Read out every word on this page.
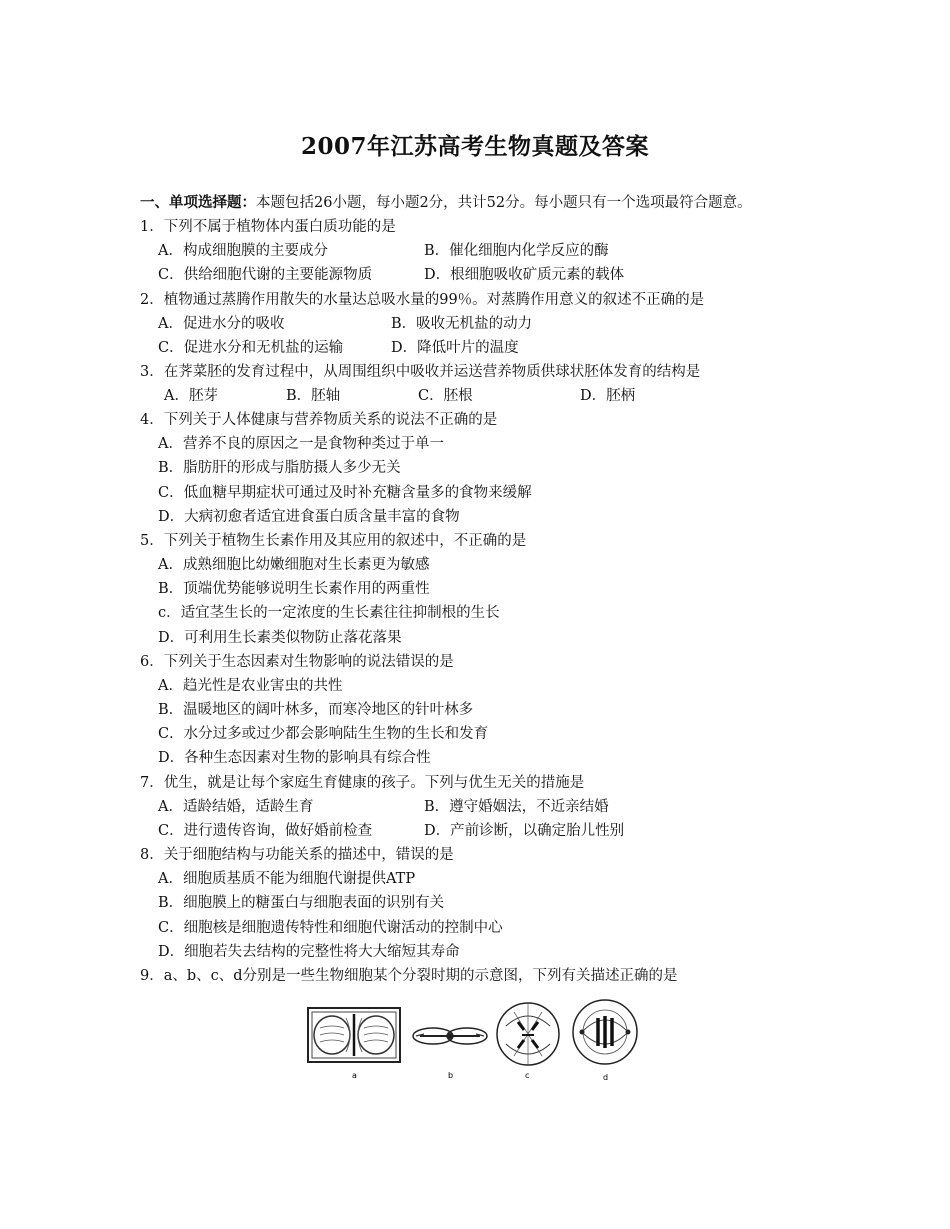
2007年江苏高考生物真题及答案
一、单项选择题：本题包括26小题，每小题2分，共计52分。每小题只有一个选项最符合题意。
1．下列不属于植物体内蛋白质功能的是
A．构成细胞膜的主要成分	B．催化细胞内化学反应的酶
C．供给细胞代谢的主要能源物质	D．根细胞吸收矿质元素的载体
2．植物通过蒸腾作用散失的水量达总吸水量的99％。对蒸腾作用意义的叙述不正确的是
A．促进水分的吸收	B．吸收无机盐的动力
C．促进水分和无机盐的运输	D．降低叶片的温度
3．在荠菜胚的发育过程中，从周围组织中吸收并运送营养物质供球状胚体发育的结构是
A．胚芽	B．胚轴	C．胚根	D．胚柄
4．下列关于人体健康与营养物质关系的说法不正确的是
A．营养不良的原因之一是食物种类过于单一
B．脂肪肝的形成与脂肪摄人多少无关
C．低血糖早期症状可通过及时补充糖含量多的食物来缓解
D．大病初愈者适宜进食蛋白质含量丰富的食物
5．下列关于植物生长素作用及其应用的叙述中，不正确的是
A．成熟细胞比幼嫩细胞对生长素更为敏感
B．顶端优势能够说明生长素作用的两重性
c．适宜茎生长的一定浓度的生长素往往抑制根的生长
D．可利用生长素类似物防止落花落果
6．下列关于生态因素对生物影响的说法错误的是
A．趋光性是农业害虫的共性
B．温暖地区的阔叶林多，而寒冷地区的针叶林多
C．水分过多或过少都会影响陆生生物的生长和发育
D．各种生态因素对生物的影响具有综合性
7．优生，就是让每个家庭生育健康的孩子。下列与优生无关的措施是
A．适龄结婚，适龄生育	B．遵守婚姻法，不近亲结婚
C．进行遗传咨询，做好婚前检查	D．产前诊断，以确定胎儿性别
8．关于细胞结构与功能关系的描述中，错误的是
A．细胞质基质不能为细胞代谢提供ATP
B．细胞膜上的糖蛋白与细胞表面的识别有关
C．细胞核是细胞遗传特性和细胞代谢活动的控制中心
D．细胞若失去结构的完整性将大大缩短其寿命
9．a、b、c、d分别是一些生物细胞某个分裂时期的示意图，下列有关描述正确的是
a	b	c	d
